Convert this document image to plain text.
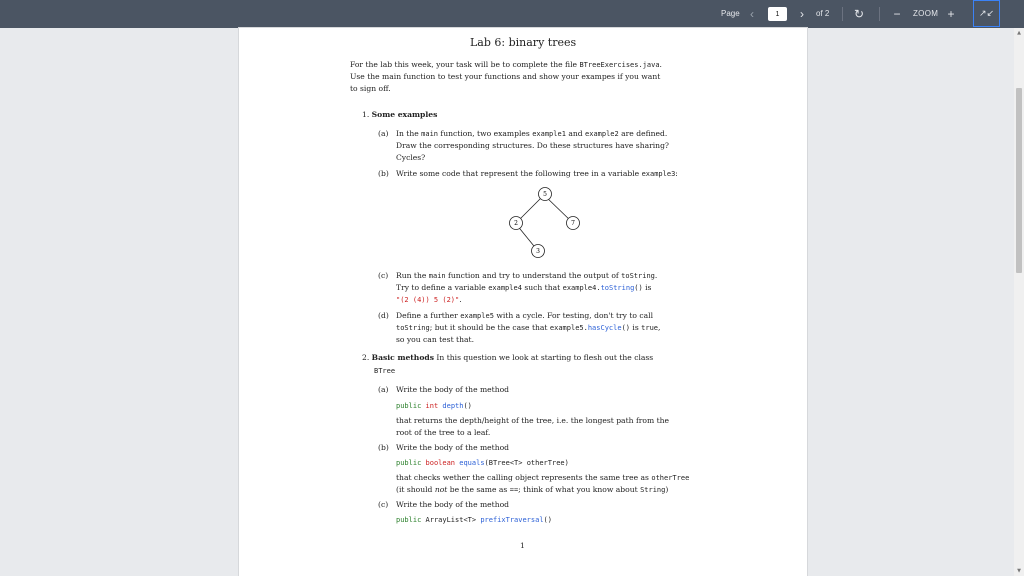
Page ‹
1	›	of 2 ↻ − ZOOM +	↗↙
Lab 6: binary trees
For the lab this week, your task will be to complete the file BTreeExercises.java.
Use the main function to test your functions and show your exampes if you want
to sign off.
1. Some examples
(a) In the main function, two examples example1 and example2 are defined.
Draw the corresponding structures. Do these structures have sharing?
Cycles?
(b) Write some code that represent the following tree in a variable example3:
5
2	7
3
(c) Run the main function and try to understand the output of toString.
Try to define a variable example4 such that example4.toString() is
"(2 (4)) 5 (2)".
(d) Define a further example5 with a cycle. For testing, don't try to call
toString; but it should be the case that example5.hasCycle() is true,
so you can test that.
2. Basic methods In this question we look at starting to flesh out the class
BTree
(a) Write the body of the method
public int depth()
that returns the depth/height of the tree, i.e. the longest path from the
root of the tree to a leaf.
(b) Write the body of the method
public boolean equals(BTree<T> otherTree)
that checks wether the calling object represents the same tree as otherTree
(it should not be the same as ==; think of what you know about String)
(c) Write the body of the method
public ArrayList<T> prefixTraversal()
1
▲
▼
